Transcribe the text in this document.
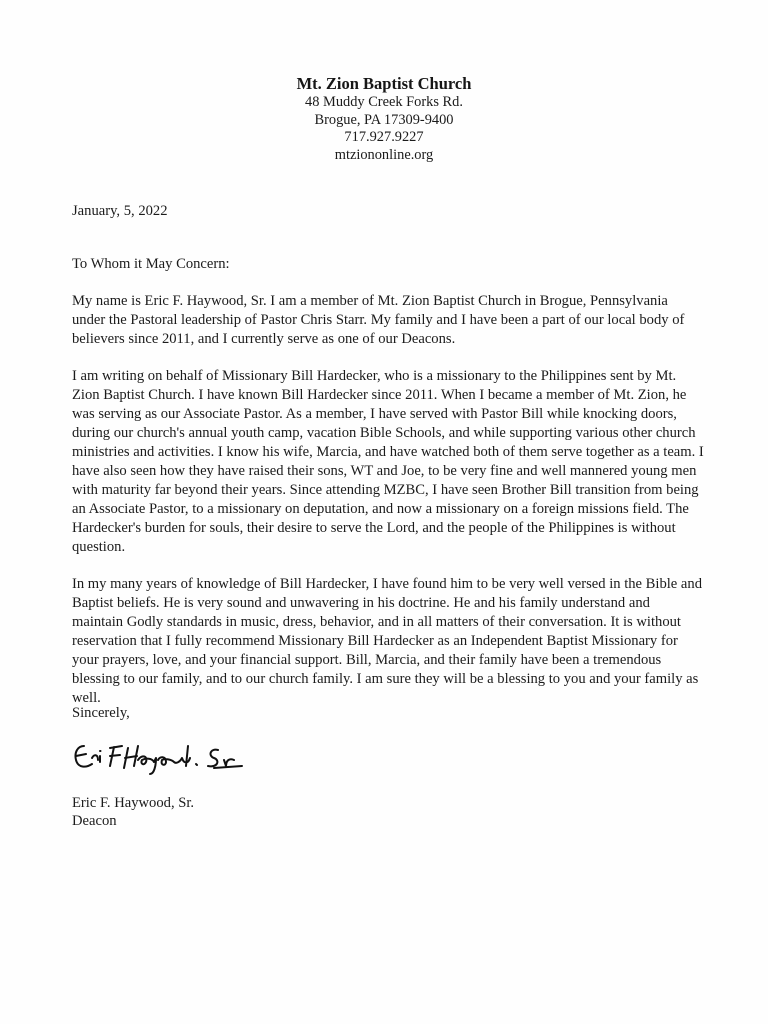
Mt. Zion Baptist Church
48 Muddy Creek Forks Rd.
Brogue, PA 17309-9400
717.927.9227
mtziononline.org
January, 5, 2022
To Whom it May Concern:

My name is Eric F. Haywood, Sr. I am a member of Mt. Zion Baptist Church in Brogue, Pennsylvania under the Pastoral leadership of Pastor Chris Starr. My family and I have been a part of our local body of believers since 2011, and I currently serve as one of our Deacons.

I am writing on behalf of Missionary Bill Hardecker, who is a missionary to the Philippines sent by Mt. Zion Baptist Church. I have known Bill Hardecker since 2011. When I became a member of Mt. Zion, he was serving as our Associate Pastor. As a member, I have served with Pastor Bill while knocking doors, during our church's annual youth camp, vacation Bible Schools, and while supporting various other church ministries and activities. I know his wife, Marcia, and have watched both of them serve together as a team. I have also seen how they have raised their sons, WT and Joe, to be very fine and well mannered young men with maturity far beyond their years. Since attending MZBC, I have seen Brother Bill transition from being an Associate Pastor, to a missionary on deputation, and now a missionary on a foreign missions field. The Hardecker's burden for souls, their desire to serve the Lord, and the people of the Philippines is without question.

In my many years of knowledge of Bill Hardecker, I have found him to be very well versed in the Bible and Baptist beliefs. He is very sound and unwavering in his doctrine. He and his family understand and maintain Godly standards in music, dress, behavior, and in all matters of their conversation. It is without reservation that I fully recommend Missionary Bill Hardecker as an Independent Baptist Missionary for your prayers, love, and your financial support. Bill, Marcia, and their family have been a tremendous blessing to our family, and to our church family. I am sure they will be a blessing to you and your family as well.

Sincerely,
Eric F. Haywood, Sr.
Deacon
